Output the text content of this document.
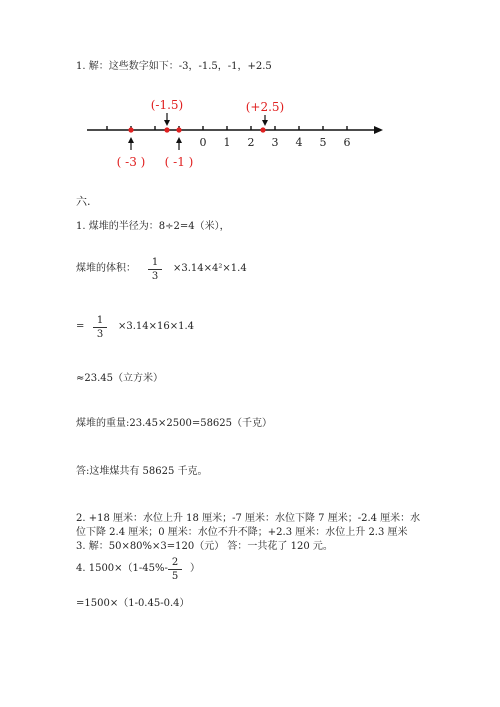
1. 解：这些数字如下：-3，-1.5，-1，+2.5
0 1 2 3 4 5 6
(-1.5)	(+2.5)
( -3 ) ( -1 )
六.
1. 煤堆的半径为：8÷2=4（米），
煤堆的体积： $\frac{1}{3} \times 3.14\times 4^2\times 1.4$
= $\frac{1}{3} \times 3.14\times 16\times 1.4$
≈23.45（立方米）
煤堆的重量:23.45×2500=58625（千克）
答:这堆煤共有 58625 千克。
2. +18 厘米：水位上升 18 厘米；-7 厘米：水位下降 7 厘米；-2.4 厘米：水
位下降 2.4 厘米；0 厘米：水位不升不降；+2.3 厘米：水位上升 2.3 厘米
3. 解：50×80%×3=120（元） 答：一共花了 120 元。
4. $1500\times(1-45\%- \frac{2}{5}$ ）
=1500×（1-0.45-0.4）
